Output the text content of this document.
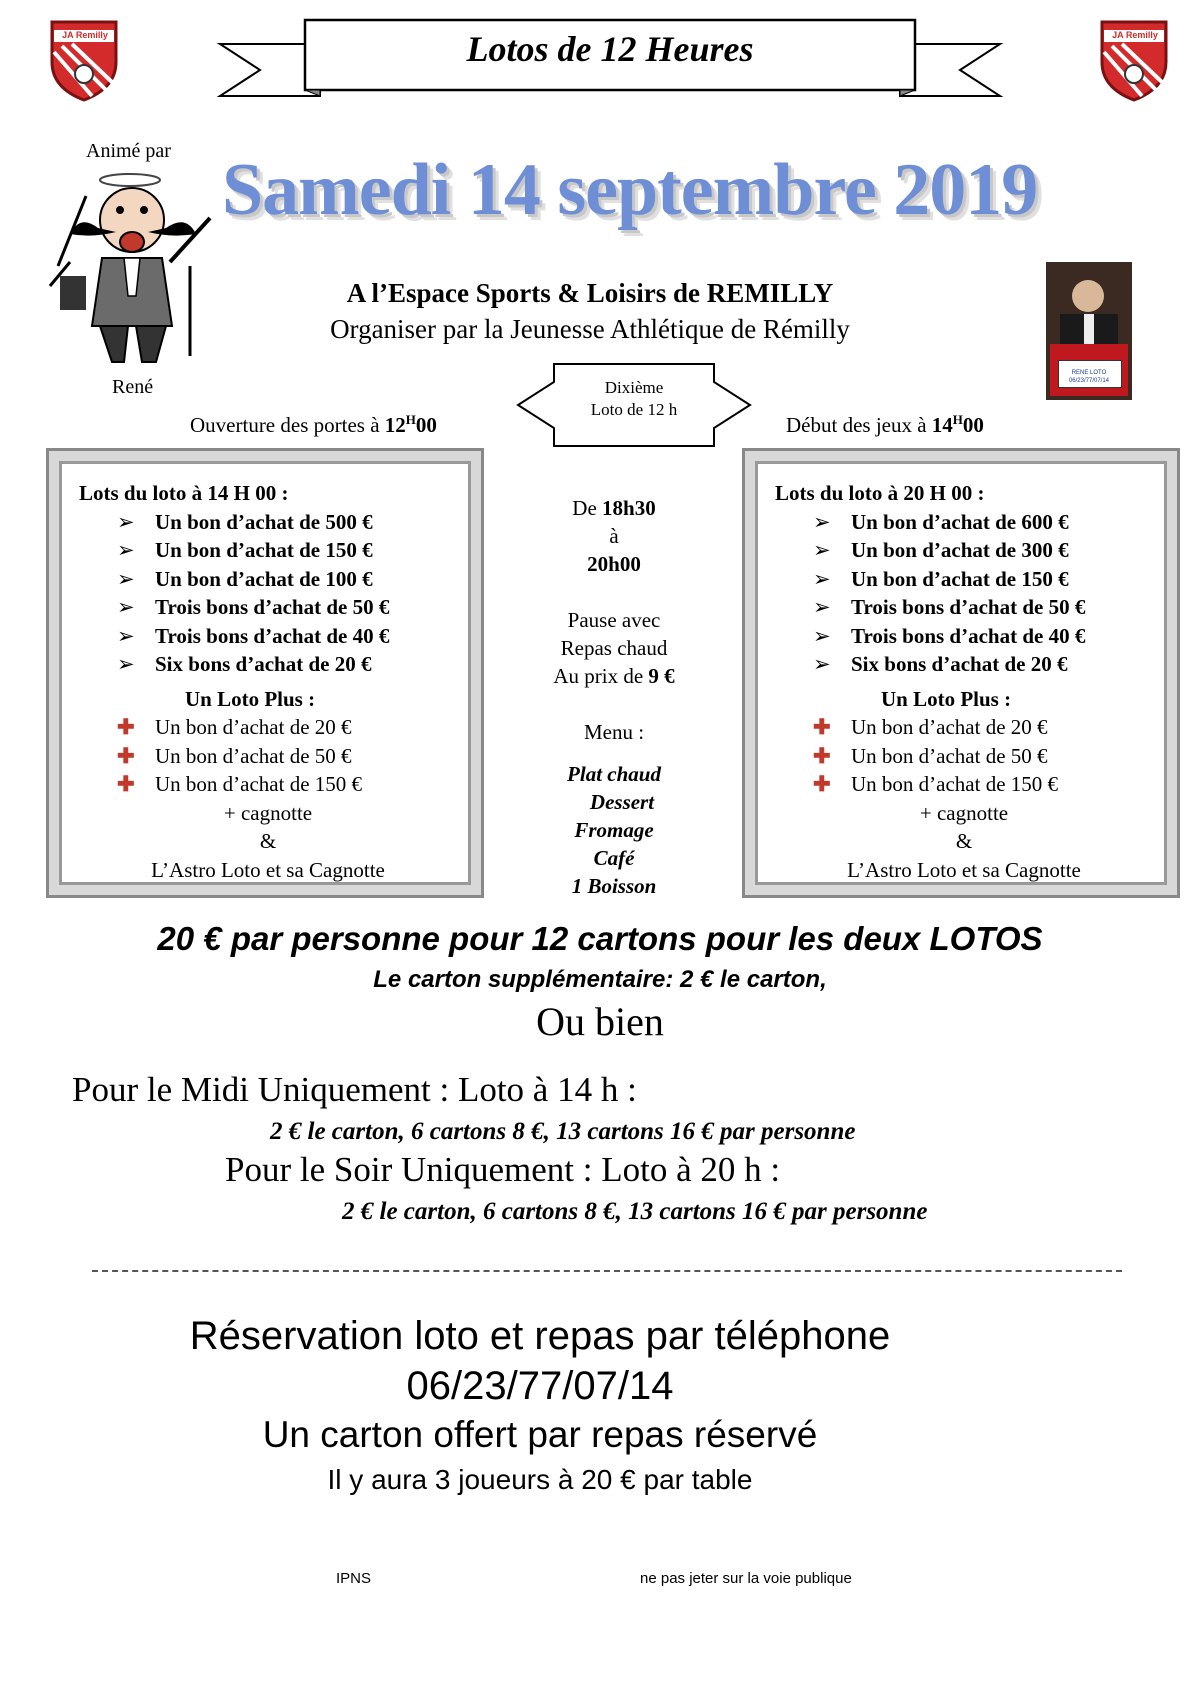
JA Remilly	JA Remilly
Lotos de 12 Heures
Animé par
René
Samedi 14 septembre 2019
A l’Espace Sports & Loisirs de REMILLY
Organiser par la Jeunesse Athlétique de Rémilly
RENE LOTO
06/23/77/07/14
Dixième
Loto de 12 h
Ouverture des portes à $12^H00$	Début des jeux à $14^H00$
Lots du loto à 14 H 00 :
➢ Un bon d’achat de 500 €
➢ Un bon d’achat de 150 €
➢ Un bon d’achat de 100 €
➢ Trois bons d’achat de 50 €
➢ Trois bons d’achat de 40 €
➢ Six bons d’achat de 20 €
Un Loto Plus :
✚ Un bon d’achat de 20 €
✚ Un bon d’achat de 50 €
✚ Un bon d’achat de 150 €
+ cagnotte
&
L’Astro Loto et sa Cagnotte
Lots du loto à 20 H 00 :
➢ Un bon d’achat de 600 €
➢ Un bon d’achat de 300 €
➢ Un bon d’achat de 150 €
➢ Trois bons d’achat de 50 €
➢ Trois bons d’achat de 40 €
➢ Six bons d’achat de 20 €
Un Loto Plus :
✚ Un bon d’achat de 20 €
✚ Un bon d’achat de 50 €
✚ Un bon d’achat de 150 €
+ cagnotte
&
L’Astro Loto et sa Cagnotte
De 18h30
à
20h00
Pause avec
Repas chaud
Au prix de 9 €
Menu :
Plat chaud
Dessert
Fromage
Café
1 Boisson
20 € par personne pour 12 cartons pour les deux LOTOS
Le carton supplémentaire: 2 € le carton,
Ou bien
Pour le Midi Uniquement : Loto à 14 h :
2 € le carton, 6 cartons 8 €, 13 cartons 16 € par personne
Pour le Soir Uniquement : Loto à 20 h :
2 € le carton, 6 cartons 8 €, 13 cartons 16 € par personne
Réservation loto et repas par téléphone
06/23/77/07/14
Un carton offert par repas réservé
Il y aura 3 joueurs à 20 € par table
IPNS	ne pas jeter sur la voie publique
